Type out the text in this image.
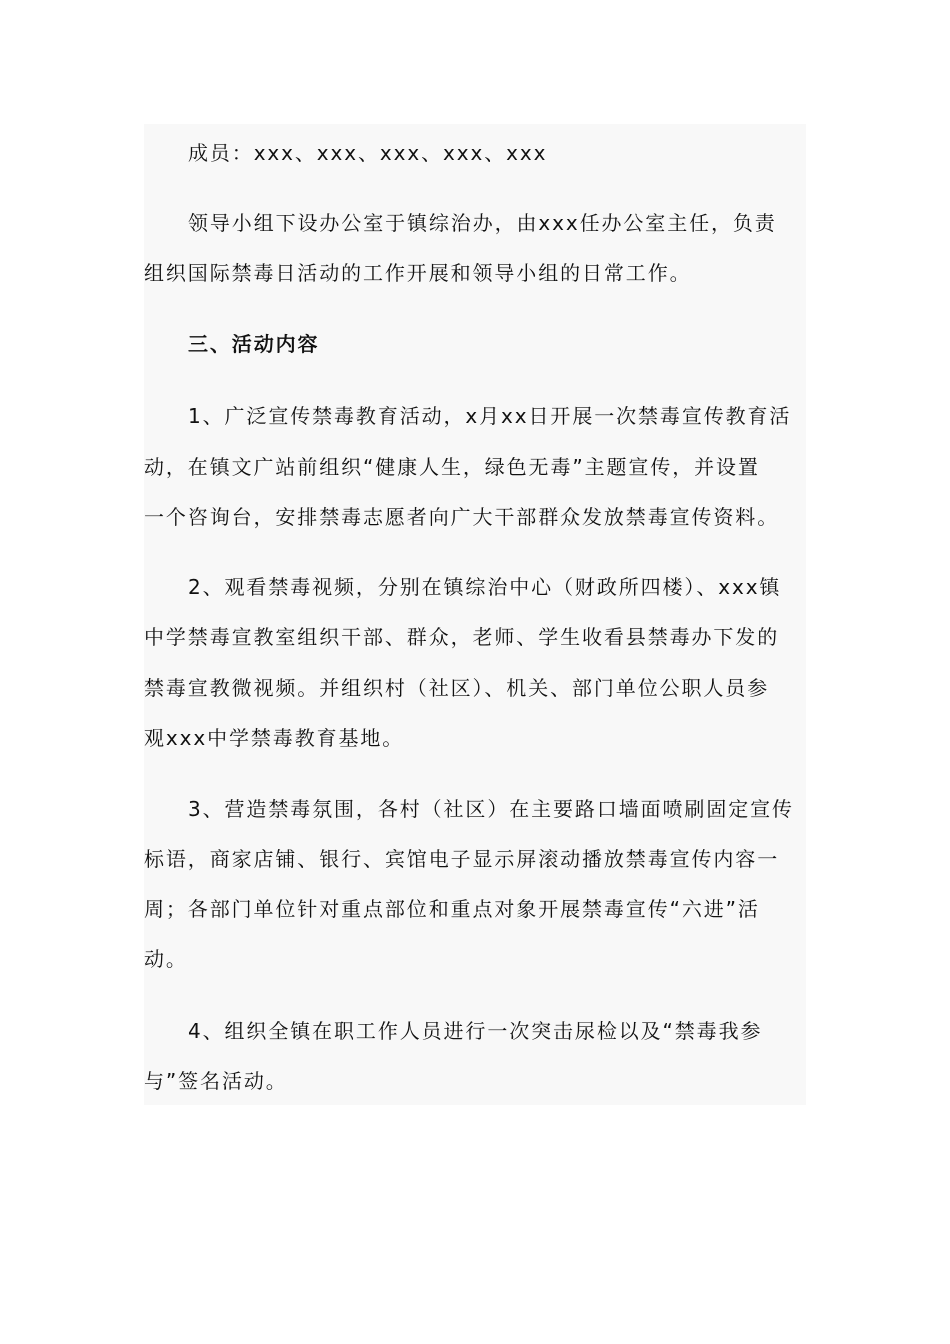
成员：xxx、xxx、xxx、xxx、xxx
领导小组下设办公室于镇综治办，由xxx任办公室主任，负责
组织国际禁毒日活动的工作开展和领导小组的日常工作。
三、活动内容
1、广泛宣传禁毒教育活动，x月xx日开展一次禁毒宣传教育活
动，在镇文广站前组织“健康人生，绿色无毒”主题宣传，并设置
一个咨询台，安排禁毒志愿者向广大干部群众发放禁毒宣传资料。
2、观看禁毒视频，分别在镇综治中心（财政所四楼）、xxx镇
中学禁毒宣教室组织干部、群众，老师、学生收看县禁毒办下发的
禁毒宣教微视频。并组织村（社区）、机关、部门单位公职人员参
观xxx中学禁毒教育基地。
3、营造禁毒氛围，各村（社区）在主要路口墙面喷刷固定宣传
标语，商家店铺、银行、宾馆电子显示屏滚动播放禁毒宣传内容一
周；各部门单位针对重点部位和重点对象开展禁毒宣传“六进”活
动。
4、组织全镇在职工作人员进行一次突击尿检以及“禁毒我参
与”签名活动。
